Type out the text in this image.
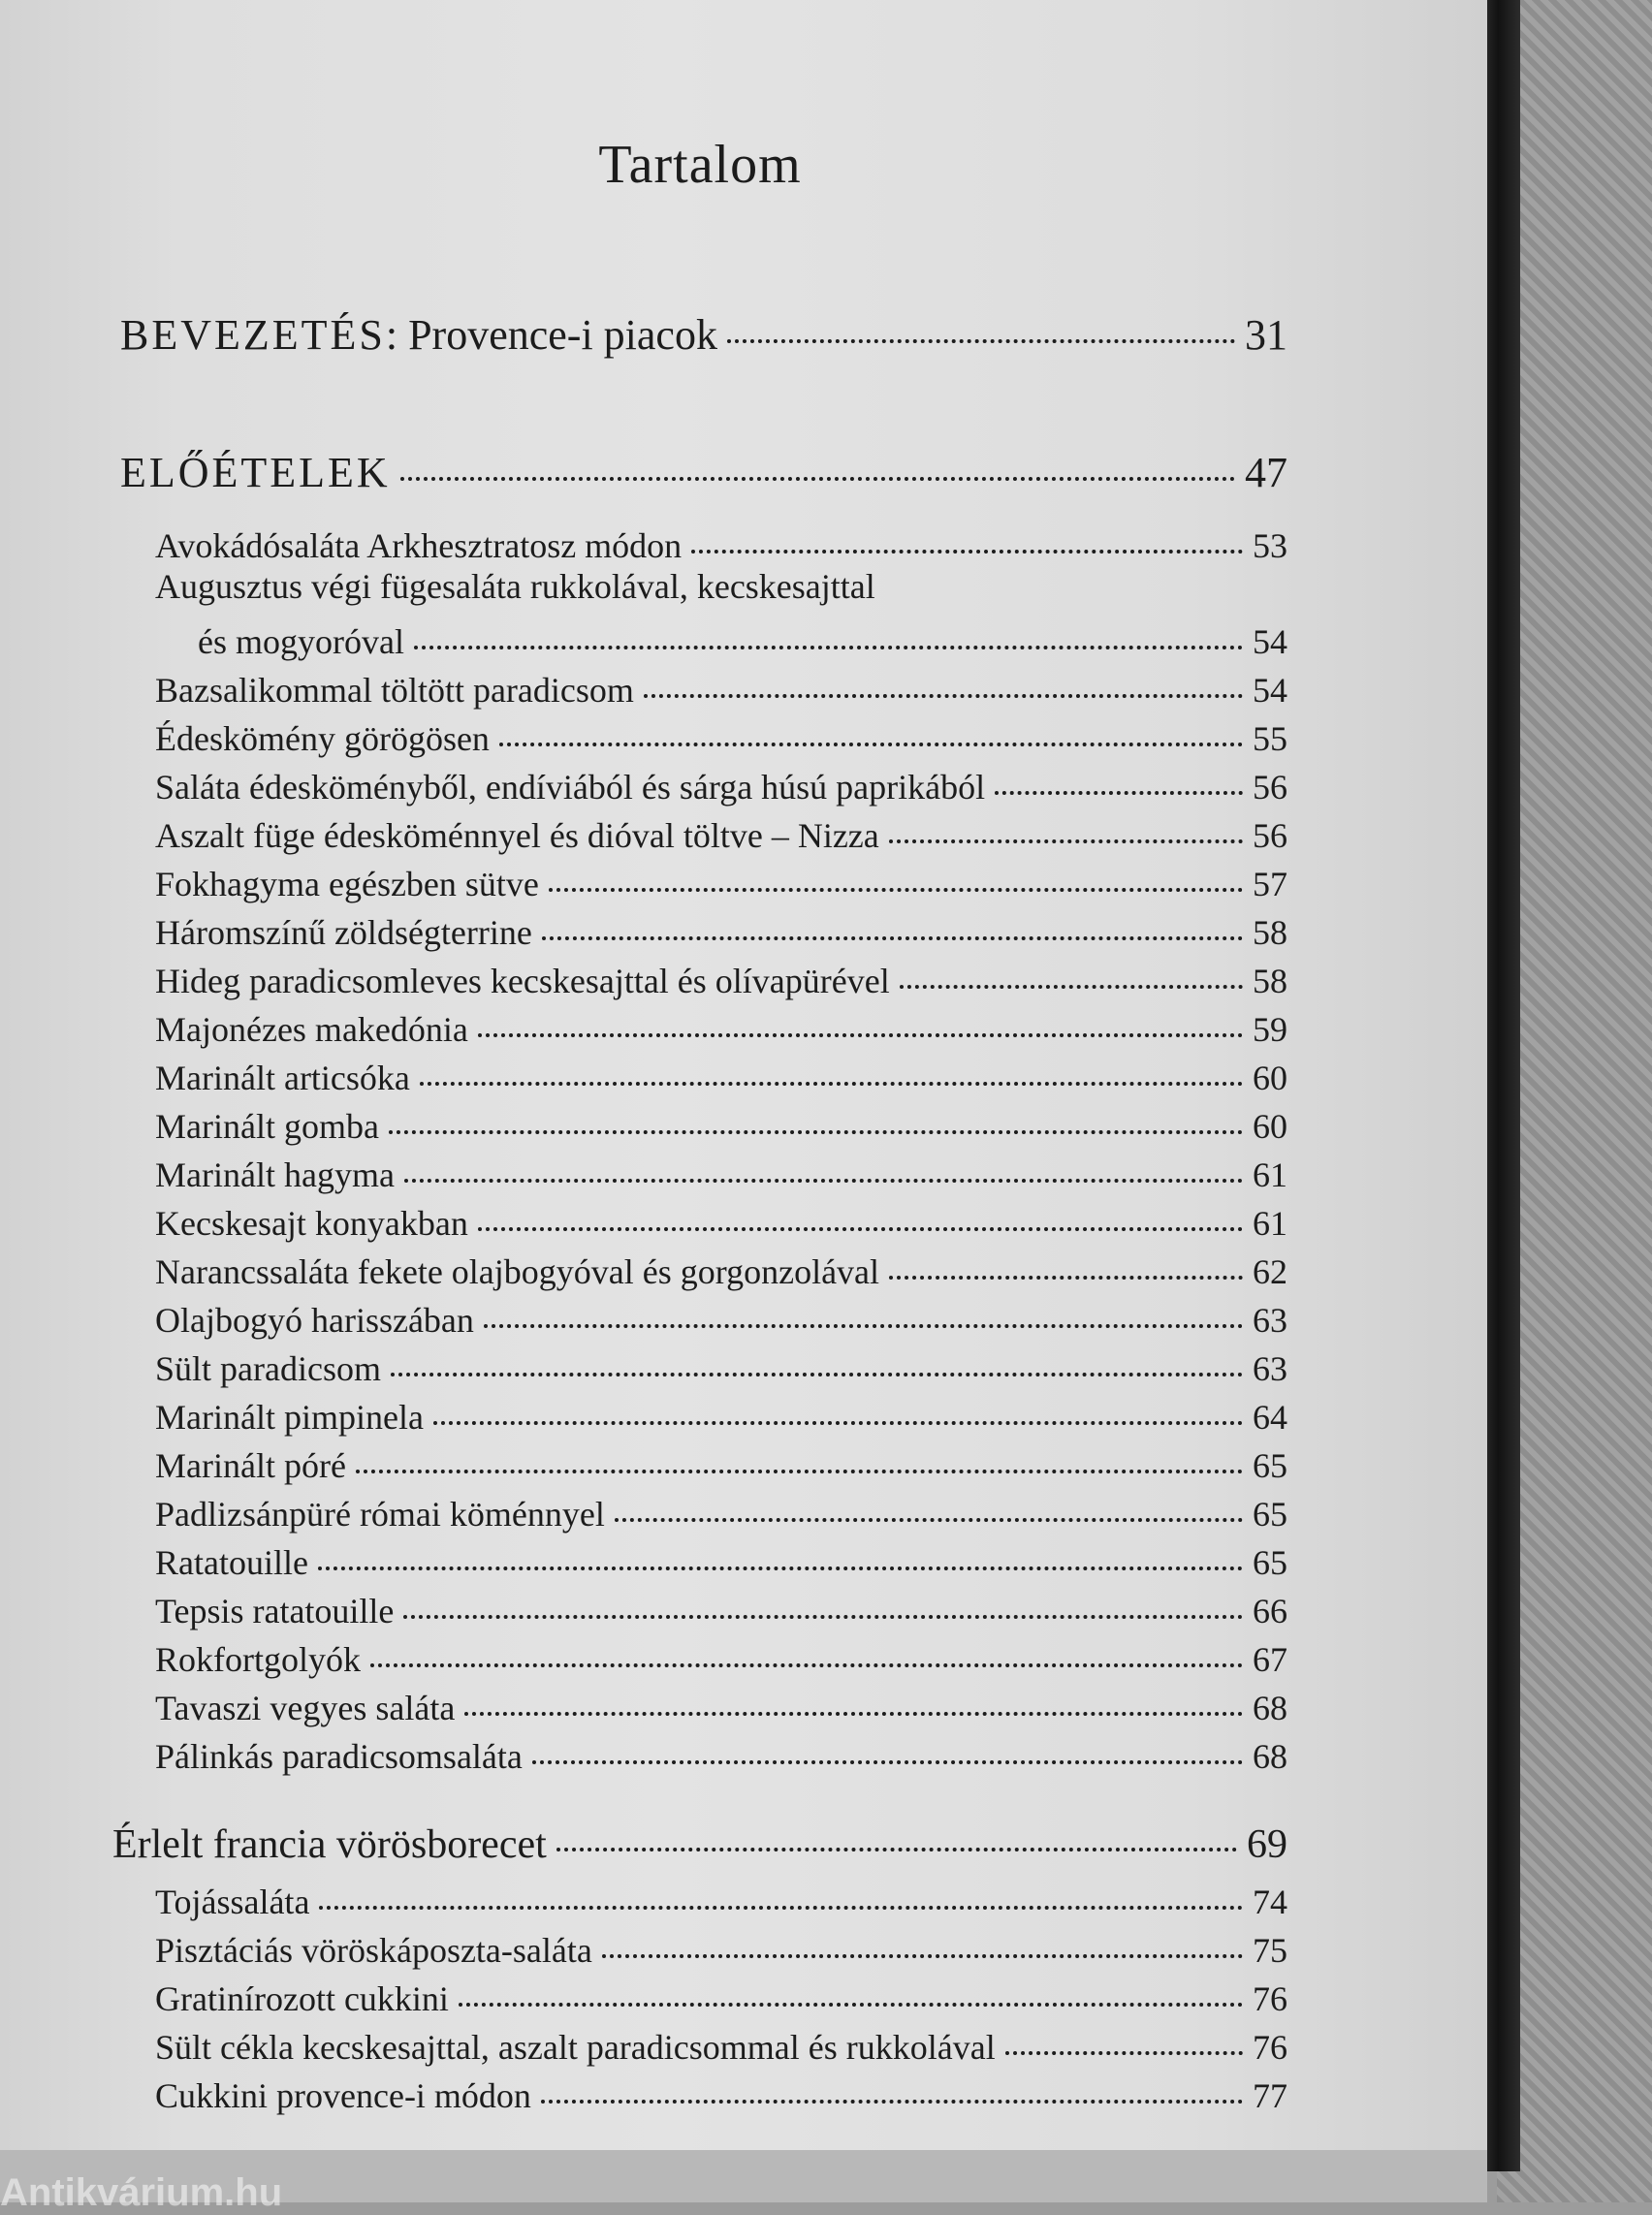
Tartalom
BEVEZETÉS: Provence-i piacok	31
ELŐÉTELEK	47
Avokádósaláta Arkhesztratosz módon	53
Augusztus végi fügesaláta rukkolával, kecskesajttal
és mogyoróval	54
Bazsalikommal töltött paradicsom	54
Édeskömény görögösen	55
Saláta édesköményből, endíviából és sárga húsú paprikából	56
Aszalt füge édesköménnyel és dióval töltve – Nizza	56
Fokhagyma egészben sütve	57
Háromszínű zöldségterrine	58
Hideg paradicsomleves kecskesajttal és olívapürével	58
Majonézes makedónia	59
Marinált articsóka	60
Marinált gomba	60
Marinált hagyma	61
Kecskesajt konyakban	61
Narancssaláta fekete olajbogyóval és gorgonzolával	62
Olajbogyó harisszában	63
Sült paradicsom	63
Marinált pimpinela	64
Marinált póré	65
Padlizsánpüré római köménnyel	65
Ratatouille	65
Tepsis ratatouille	66
Rokfortgolyók	67
Tavaszi vegyes saláta	68
Pálinkás paradicsomsaláta	68
Érlelt francia vörösborecet	69
Tojássaláta	74
Pisztáciás vöröskáposzta-saláta	75
Gratinírozott cukkini	76
Sült cékla kecskesajttal, aszalt paradicsommal és rukkolával	76
Cukkini provence-i módon	77
Antikvárium.hu
